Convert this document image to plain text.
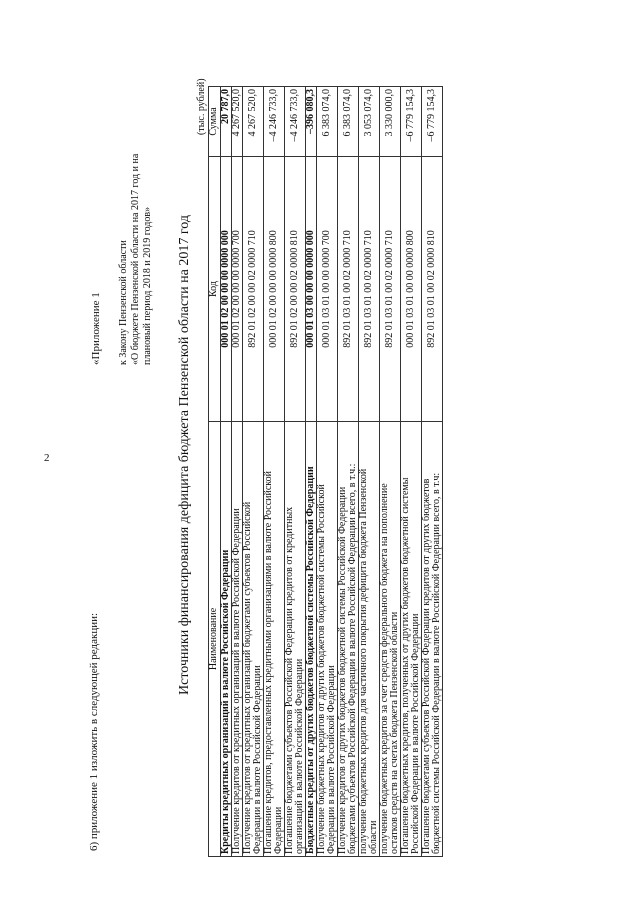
2
6) приложение 1 изложить в следующей редакции:
«Приложение 1 к Закону Пензенской области «О бюджете Пензенской области на 2017 год и на плановый период 2018 и 2019 годов» Источники финансирования дефицита бюджета Пензенской области на 2017 год
(тыс. рублей)
Наименование	Код	Сумма

Кредиты кредитных организаций в валюте Российской Федерации	000 01 02 00 00 00 0000 000	20 787,0

Получение кредитов от кредитных организаций в валюте Российской Федерации	000 01 02 00 00 00 0000 700	4 267 520,0

Получение кредитов от кредитных организаций бюджетами субъектов Российской Федерации в валюте Российской Федерации	892 01 02 00 00 02 0000 710	4 267 520,0

Погашение кредитов, предоставленных кредитными организациями в валюте Российской Федерации	000 01 02 00 00 00 0000 800	–4 246 733,0

Погашение бюджетами субъектов Российской Федерации кредитов от кредитных организаций в валюте Российской Федерации	892 01 02 00 00 02 0000 810	–4 246 733,0

Бюджетные кредиты от других бюджетов бюджетной системы Российской Федерации	000 01 03 00 00 00 0000 000	–396 080,3

Получение бюджетных кредитов от других бюджетов бюджетной системы Российской Федерации в валюте Российской Федерации	000 01 03 01 00 00 0000 700	6 383 074,0

Получение кредитов от других бюджетов бюджетной системы Российской Федерации бюджетами субъектов Российской Федерации в валюте Российской Федерации всего, в т.ч.:	892 01 03 01 00 02 0000 710	6 383 074,0

получение бюджетных кредитов для частичного покрытия дефицита бюджета Пензенской области	892 01 03 01 00 02 0000 710	3 053 074,0

получение бюджетных кредитов за счет средств федерального бюджета на пополнение остатков средств на счетах бюджета Пензенской области	892 01 03 01 00 02 0000 710	3 330 000,0

Погашение бюджетных кредитов, полученных от других бюджетов бюджетной системы Российской Федерации в валюте Российской Федерации	000 01 03 01 00 00 0000 800	–6 779 154,3

Погашение бюджетами субъектов Российской Федерации кредитов от других бюджетов бюджетной системы Российской Федерации в валюте Российской Федерации всего, в т.ч:	892 01 03 01 00 02 0000 810	–6 779 154,3
